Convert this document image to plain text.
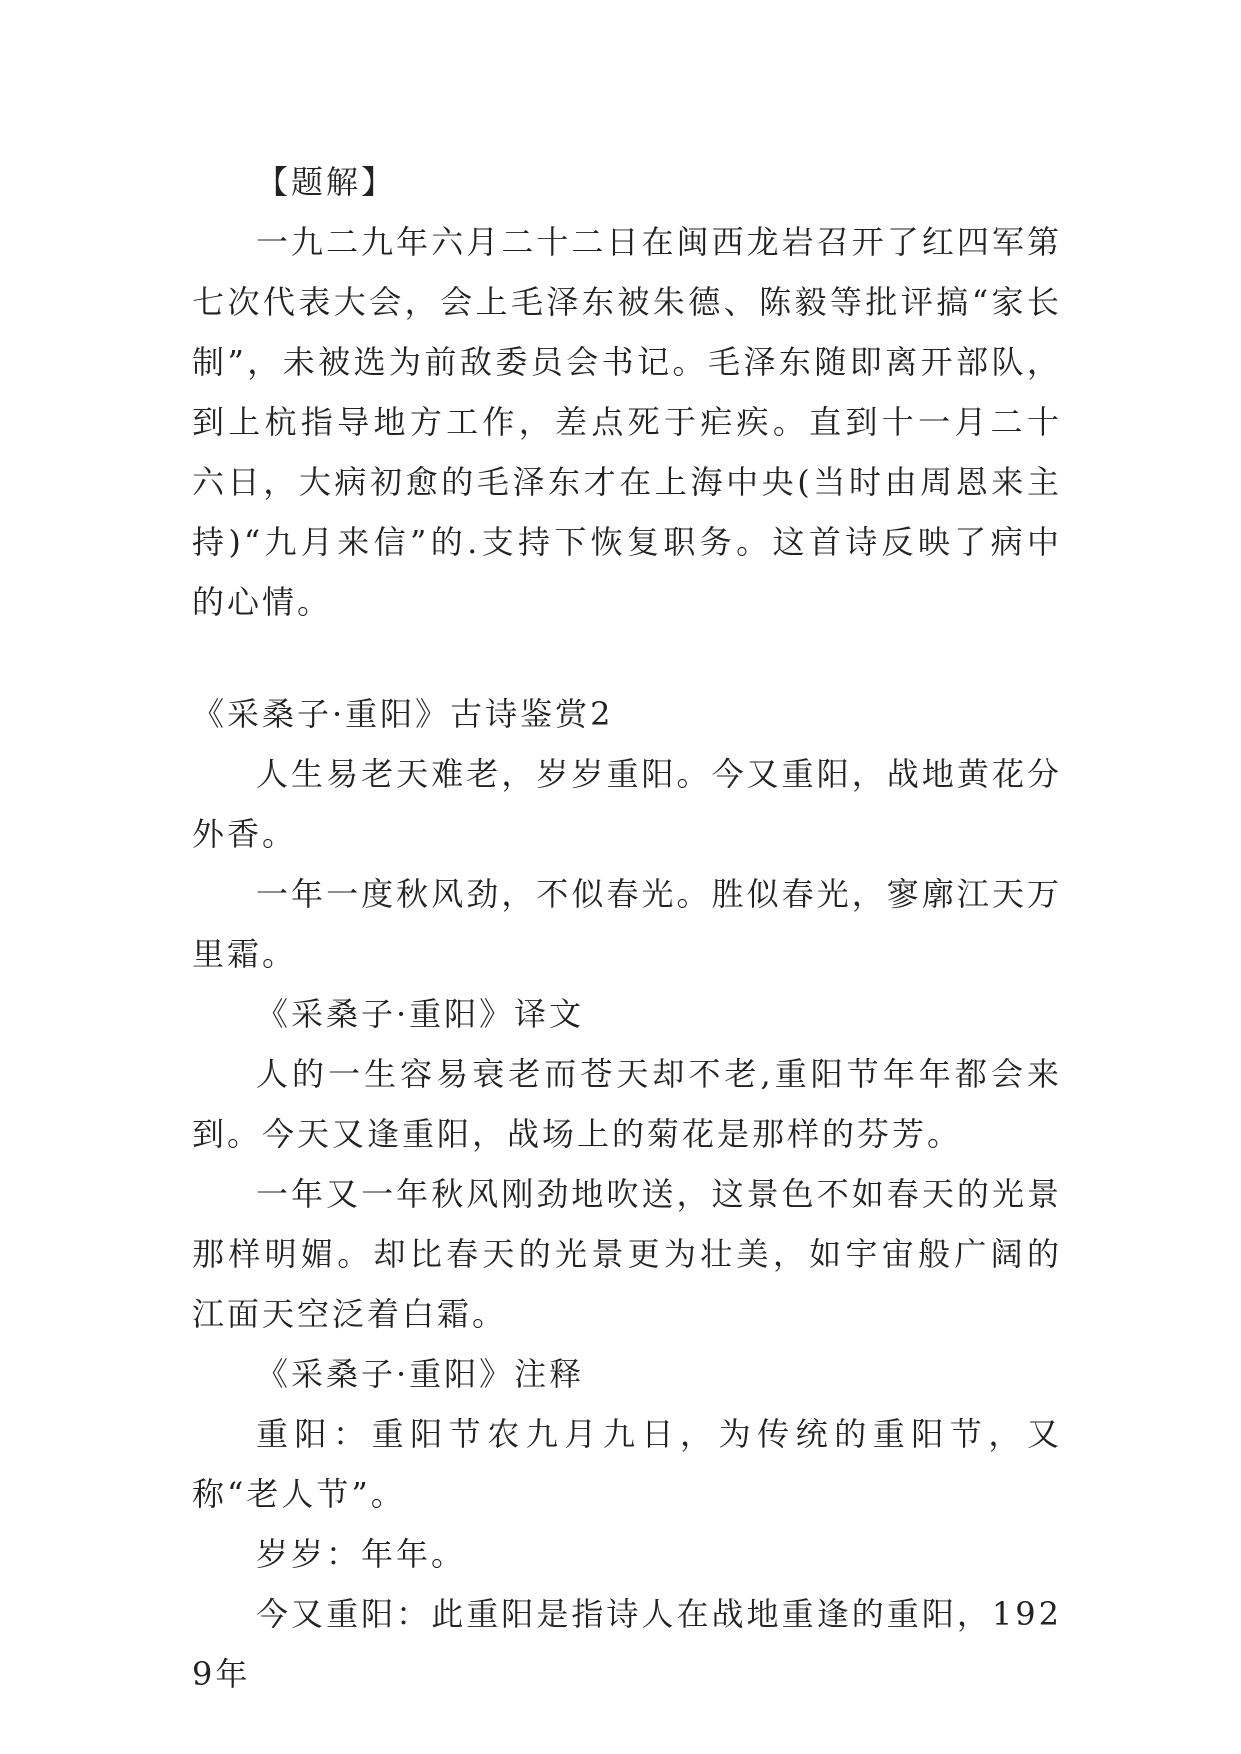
【题解】

一九二九年六月二十二日在闽西龙岩召开了红四军第七次代表大会，会上毛泽东被朱德、陈毅等批评搞“家长制”，未被选为前敌委员会书记。毛泽东随即离开部队，到上杭指导地方工作，差点死于疟疾。直到十一月二十六日，大病初愈的毛泽东才在上海中央(当时由周恩来主持)“九月来信”的.支持下恢复职务。这首诗反映了病中的心情。

《采桑子·重阳》古诗鉴赏2

人生易老天难老，岁岁重阳。今又重阳，战地黄花分外香。

一年一度秋风劲，不似春光。胜似春光，寥廓江天万里霜。

《采桑子·重阳》译文

人的一生容易衰老而苍天却不老,重阳节年年都会来到。今天又逢重阳，战场上的菊花是那样的芬芳。

一年又一年秋风刚劲地吹送，这景色不如春天的光景那样明媚。却比春天的光景更为壮美，如宇宙般广阔的江面天空泛着白霜。

《采桑子·重阳》注释

重阳：重阳节农九月九日，为传统的重阳节，又称“老人节”。

岁岁：年年。

今又重阳：此重阳是指诗人在战地重逢的重阳，1929年
